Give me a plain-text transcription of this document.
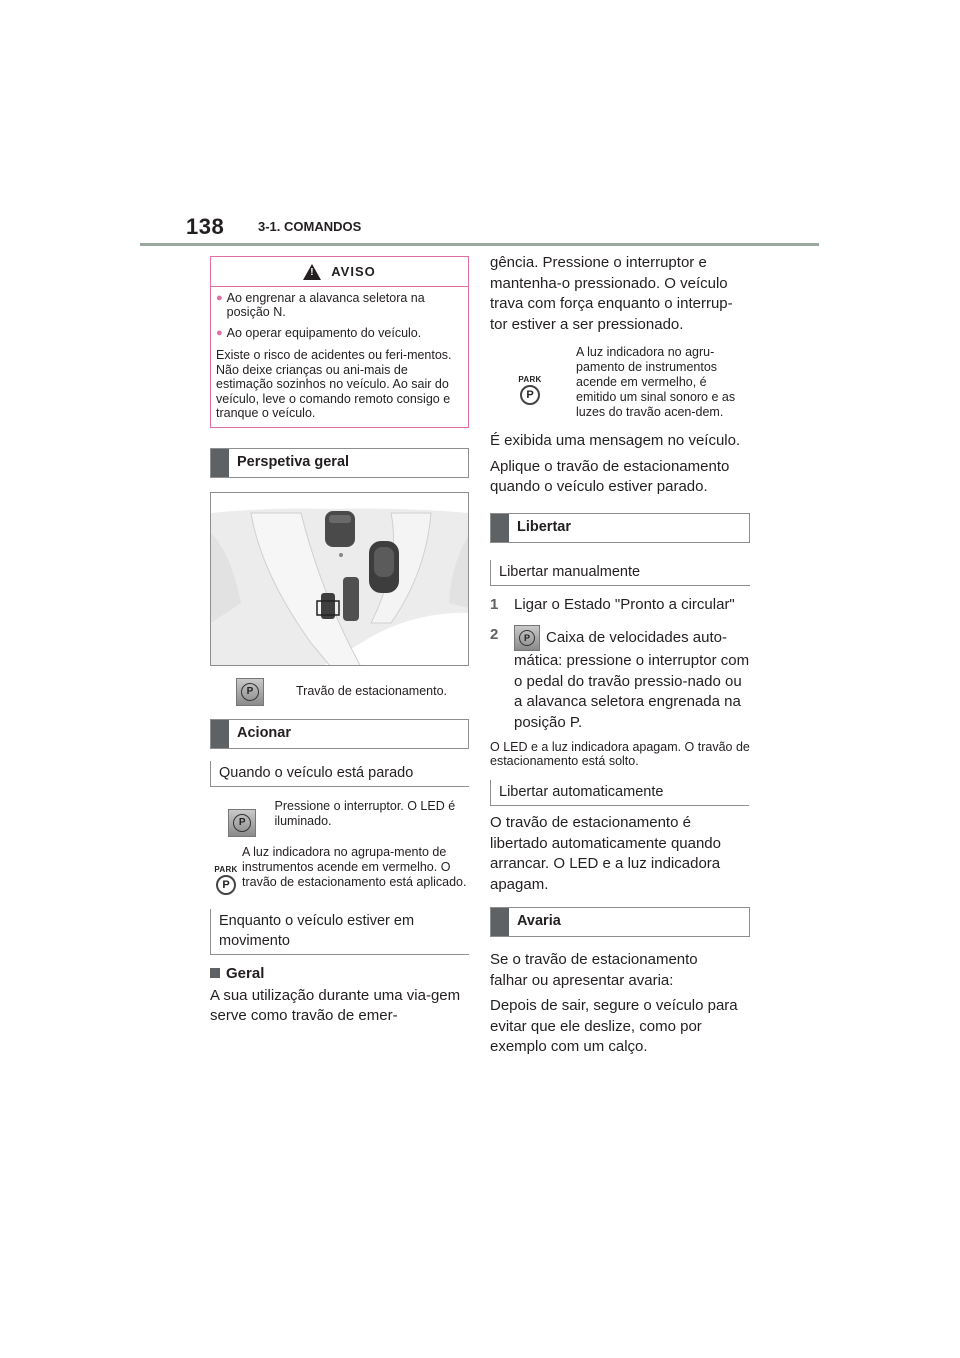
138	3-1. COMANDOS
!
AVISO
● Ao engrenar a alavanca seletora na posição N.
● Ao operar equipamento do veículo.
Existe o risco de acidentes ou feri-mentos. Não deixe crianças ou ani-mais de estimação sozinhos no veículo. Ao sair do veículo, leve o comando remoto consigo e tranque o veículo.
Perspetiva geral
P	Travão de estacionamento.
Acionar
Quando o veículo está parado
P
Pressione o interruptor. O LED é iluminado.
PARK
P
A luz indicadora no agrupa-mento de instrumentos acende em vermelho. O travão de estacionamento está aplicado.
Enquanto o veículo estiver em movimento
Geral
A sua utilização durante uma via-gem serve como travão de emer-
gência. Pressione o interruptor e mantenha-o pressionado. O veículo trava com força enquanto o interrup-tor estiver a ser pressionado.
PARK
P
A luz indicadora no agru-pamento de instrumentos acende em vermelho, é emitido um sinal sonoro e as luzes do travão acen-dem.
É exibida uma mensagem no veículo.
Aplique o travão de estacionamento quando o veículo estiver parado.
Libertar
Libertar manualmente
1	Ligar o Estado "Pronto a circular"
2	P	Caixa de velocidades auto-mática: pressione o interruptor com o pedal do travão pressio-nado ou a alavanca seletora engrenada na posição P.
O LED e a luz indicadora apagam. O travão de estacionamento está solto.
Libertar automaticamente
O travão de estacionamento é libertado automaticamente quando arrancar. O LED e a luz indicadora apagam.
Avaria
Se o travão de estacionamento falhar ou apresentar avaria:
Depois de sair, segure o veículo para evitar que ele deslize, como por exemplo com um calço.
